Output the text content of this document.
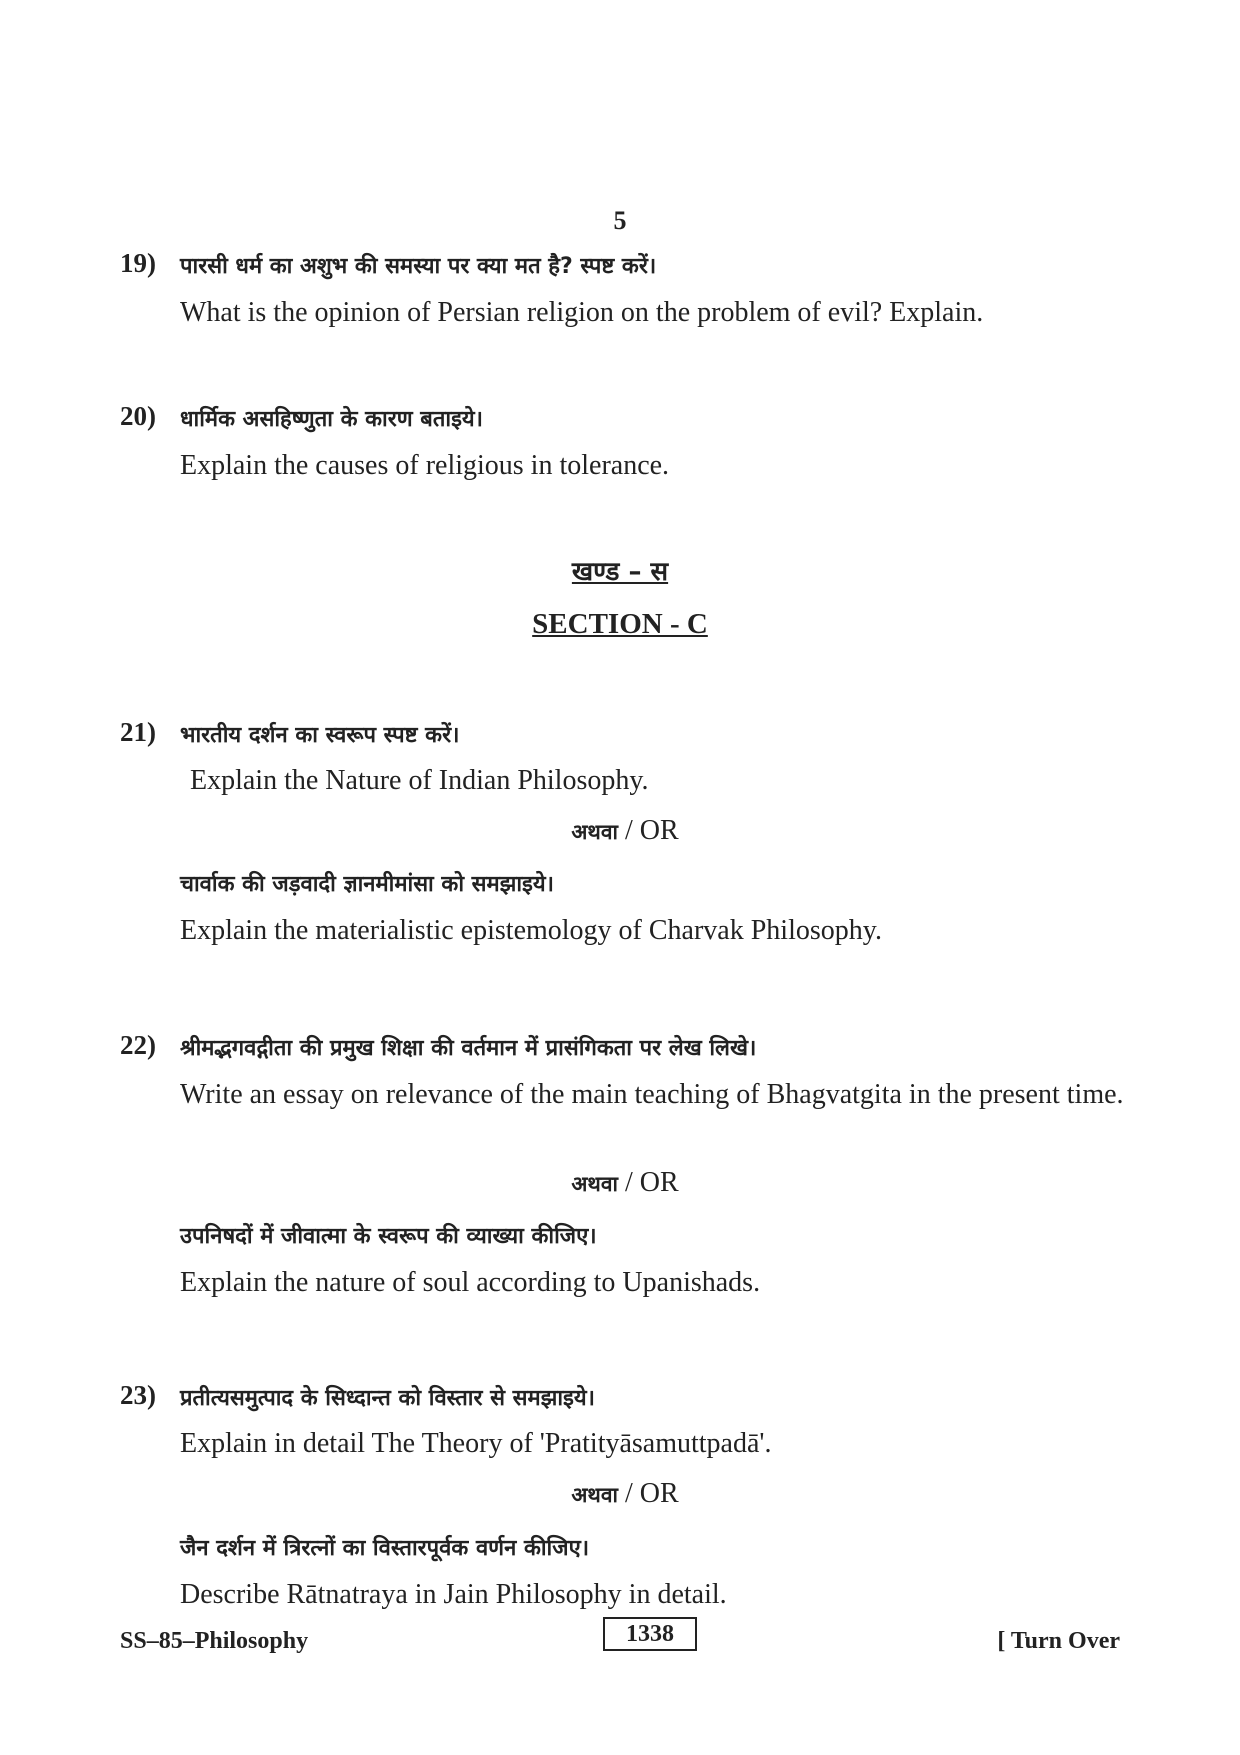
5
19) पारसी धर्म का अशुभ की समस्या पर क्या मत है? स्पष्ट करें।
What is the opinion of Persian religion on the problem of evil? Explain.
20) धार्मिक असहिष्णुता के कारण बताइये।
Explain the causes of religious in tolerance.
खण्ड – स
SECTION - C
21) भारतीय दर्शन का स्वरूप स्पष्ट करें।
Explain the Nature of Indian Philosophy.
अथवा / OR
चार्वाक की जड़वादी ज्ञानमीमांसा को समझाइये।
Explain the materialistic epistemology of Charvak Philosophy.
22) श्रीमद्भगवद्गीता की प्रमुख शिक्षा की वर्तमान में प्रासंगिकता पर लेख लिखे।
Write an essay on relevance of the main teaching of Bhagvatgita in the present time.
अथवा / OR
उपनिषदों में जीवात्मा के स्वरूप की व्याख्या कीजिए।
Explain the nature of soul according to Upanishads.
23) प्रतीत्यसमुत्पाद के सिध्दान्त को विस्तार से समझाइये।
Explain in detail The Theory of 'Pratityāsamuttpadā'.
अथवा / OR
जैन दर्शन में त्रिरत्नों का विस्तारपूर्वक वर्णन कीजिए।
Describe Rātnatraya in Jain Philosophy in detail.
SS–85–Philosophy	1338	[ Turn Over
